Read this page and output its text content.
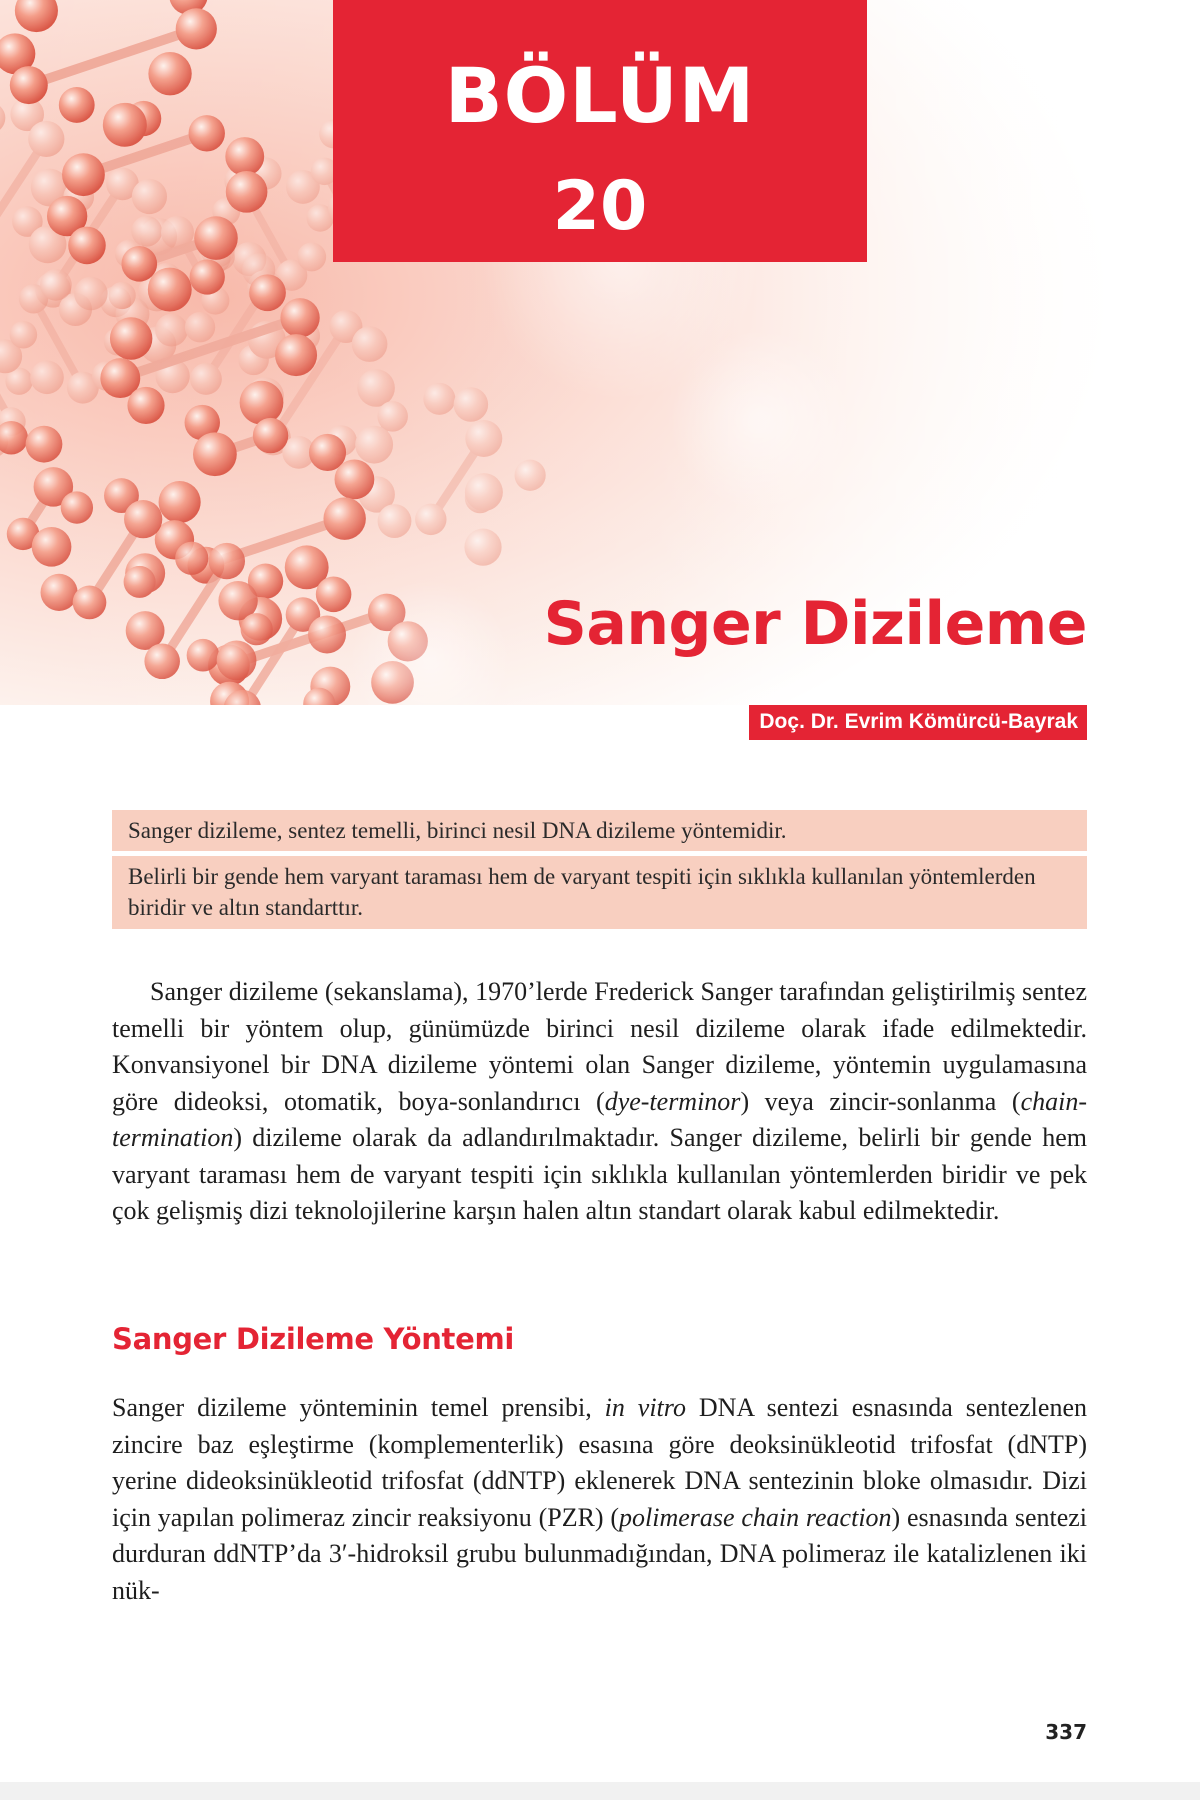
BÖLÜM
20
Sanger Dizileme
Doç. Dr. Evrim Kömürcü-Bayrak
Sanger dizileme, sentez temelli, birinci nesil DNA dizileme yöntemidir.
Belirli bir gende hem varyant taraması hem de varyant tespiti için sıklıkla kullanılan yöntemlerden biridir ve altın standarttır.
Sanger dizileme (sekanslama), 1970’lerde Frederick Sanger tarafından geliştirilmiş sentez temelli bir yöntem olup, günümüzde birinci nesil dizileme olarak ifade edilmektedir. Konvansiyonel bir DNA dizileme yöntemi olan Sanger dizileme, yöntemin uygulamasına göre dideoksi, otomatik, boya-sonlandırıcı (dye-terminor) veya zincir-sonlanma (chain-termination) dizileme olarak da adlandırılmaktadır. Sanger dizileme, belirli bir gende hem varyant taraması hem de varyant tespiti için sıklıkla kullanılan yöntemlerden biridir ve pek çok gelişmiş dizi teknolojilerine karşın halen altın standart olarak kabul edilmektedir.
Sanger Dizileme Yöntemi
Sanger dizileme yönteminin temel prensibi, in vitro DNA sentezi esnasında sentezlenen zincire baz eşleştirme (komplementerlik) esasına göre deoksinükleotid trifosfat (dNTP) yerine dideoksinükleotid trifosfat (ddNTP) eklenerek DNA sentezinin bloke olmasıdır. Dizi için yapılan polimeraz zincir reaksiyonu (PZR) (polimerase chain reaction) esnasında sentezi durduran ddNTP’da 3′-hidroksil grubu bulunmadığından, DNA polimeraz ile katalizlenen iki nük-
337
